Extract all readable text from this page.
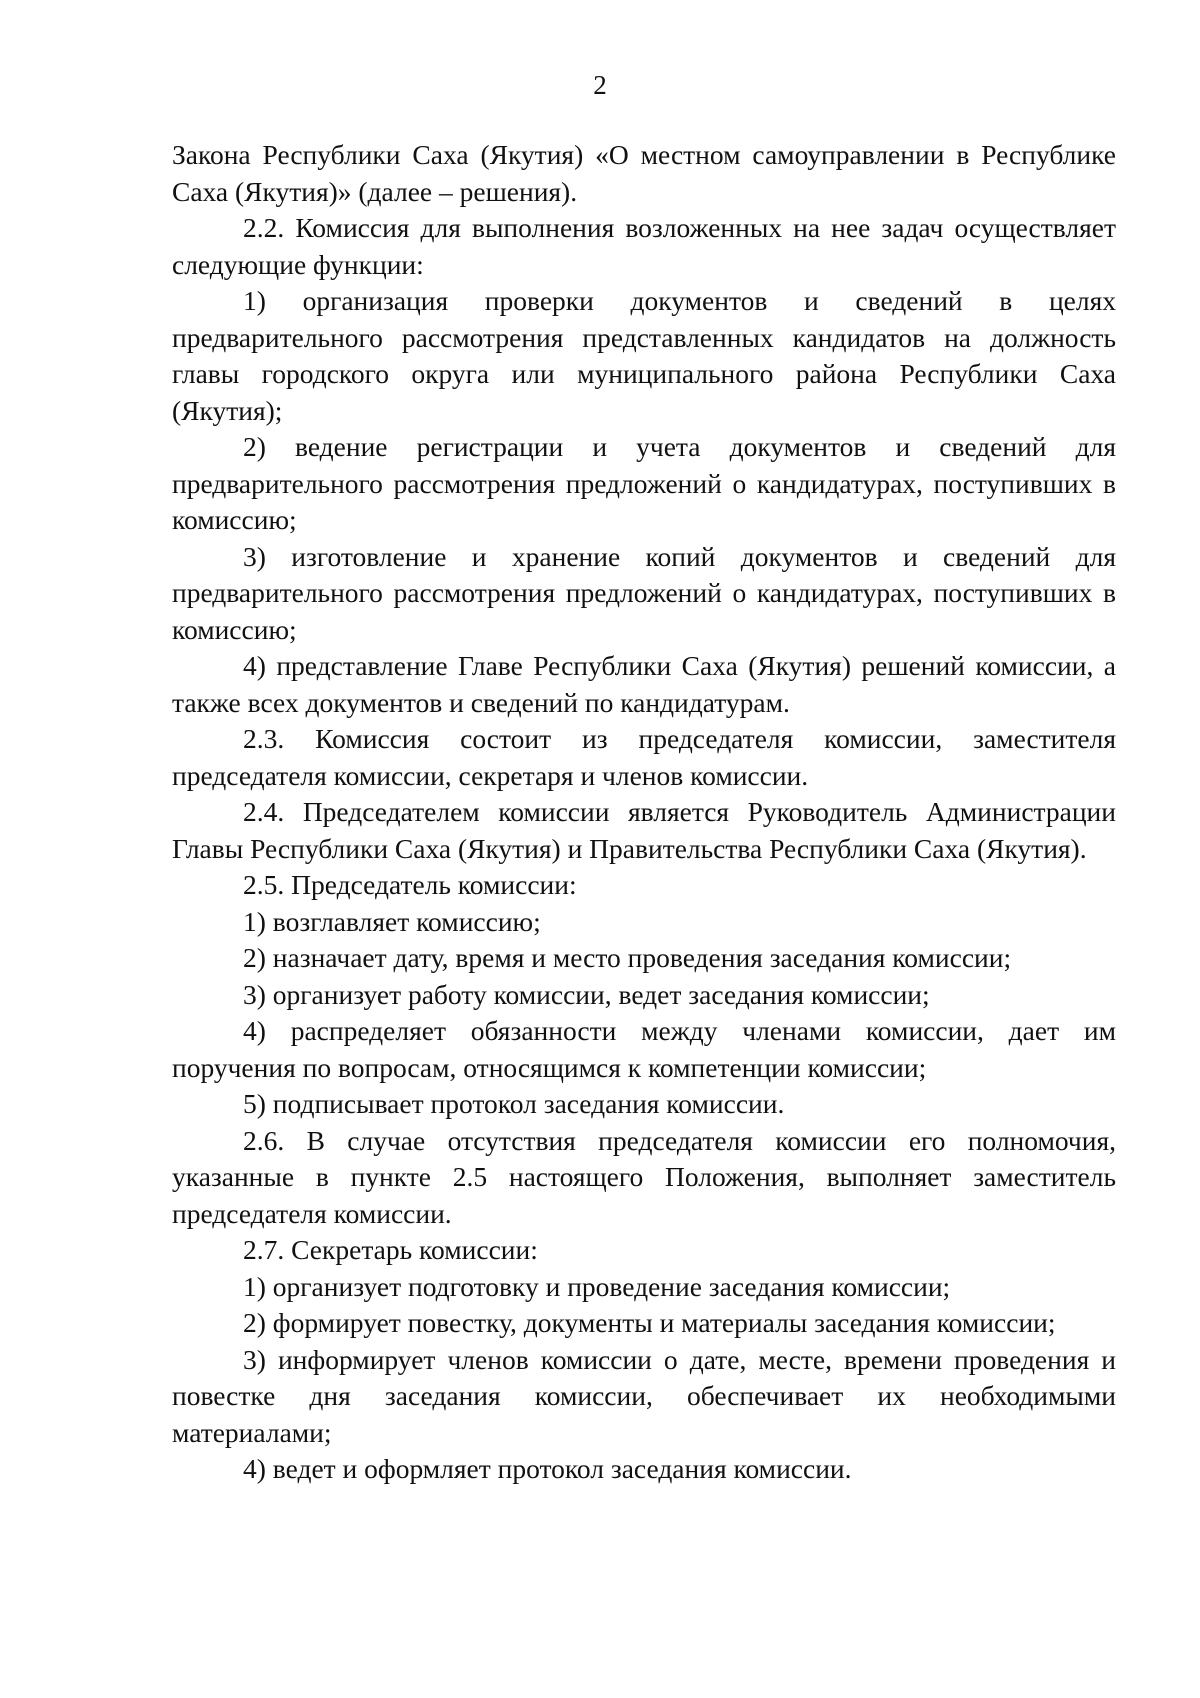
2

Закона Республики Саха (Якутия) «О местном самоуправлении в Республике Саха (Якутия)» (далее – решения).

2.2. Комиссия для выполнения возложенных на нее задач осуществляет следующие функции:

1) организация проверки документов и сведений в целях предварительного рассмотрения представленных кандидатов на должность главы городского округа или муниципального района Республики Саха (Якутия);

2) ведение регистрации и учета документов и сведений для предварительного рассмотрения предложений о кандидатурах, поступивших в комиссию;

3) изготовление и хранение копий документов и сведений для предварительного рассмотрения предложений о кандидатурах, поступивших в комиссию;

4) представление Главе Республики Саха (Якутия) решений комиссии, а также всех документов и сведений по кандидатурам.

2.3. Комиссия состоит из председателя комиссии, заместителя председателя комиссии, секретаря и членов комиссии.

2.4. Председателем комиссии является Руководитель Администрации Главы Республики Саха (Якутия) и Правительства Республики Саха (Якутия).

2.5. Председатель комиссии:

1) возглавляет комиссию;

2) назначает дату, время и место проведения заседания комиссии;

3) организует работу комиссии, ведет заседания комиссии;

4) распределяет обязанности между членами комиссии, дает им поручения по вопросам, относящимся к компетенции комиссии;

5) подписывает протокол заседания комиссии.

2.6. В случае отсутствия председателя комиссии его полномочия, указанные в пункте 2.5 настоящего Положения, выполняет заместитель председателя комиссии.

2.7. Секретарь комиссии:

1) организует подготовку и проведение заседания комиссии;

2) формирует повестку, документы и материалы заседания комиссии;

3) информирует членов комиссии о дате, месте, времени проведения и повестке дня заседания комиссии, обеспечивает их необходимыми материалами;

4) ведет и оформляет протокол заседания комиссии.
